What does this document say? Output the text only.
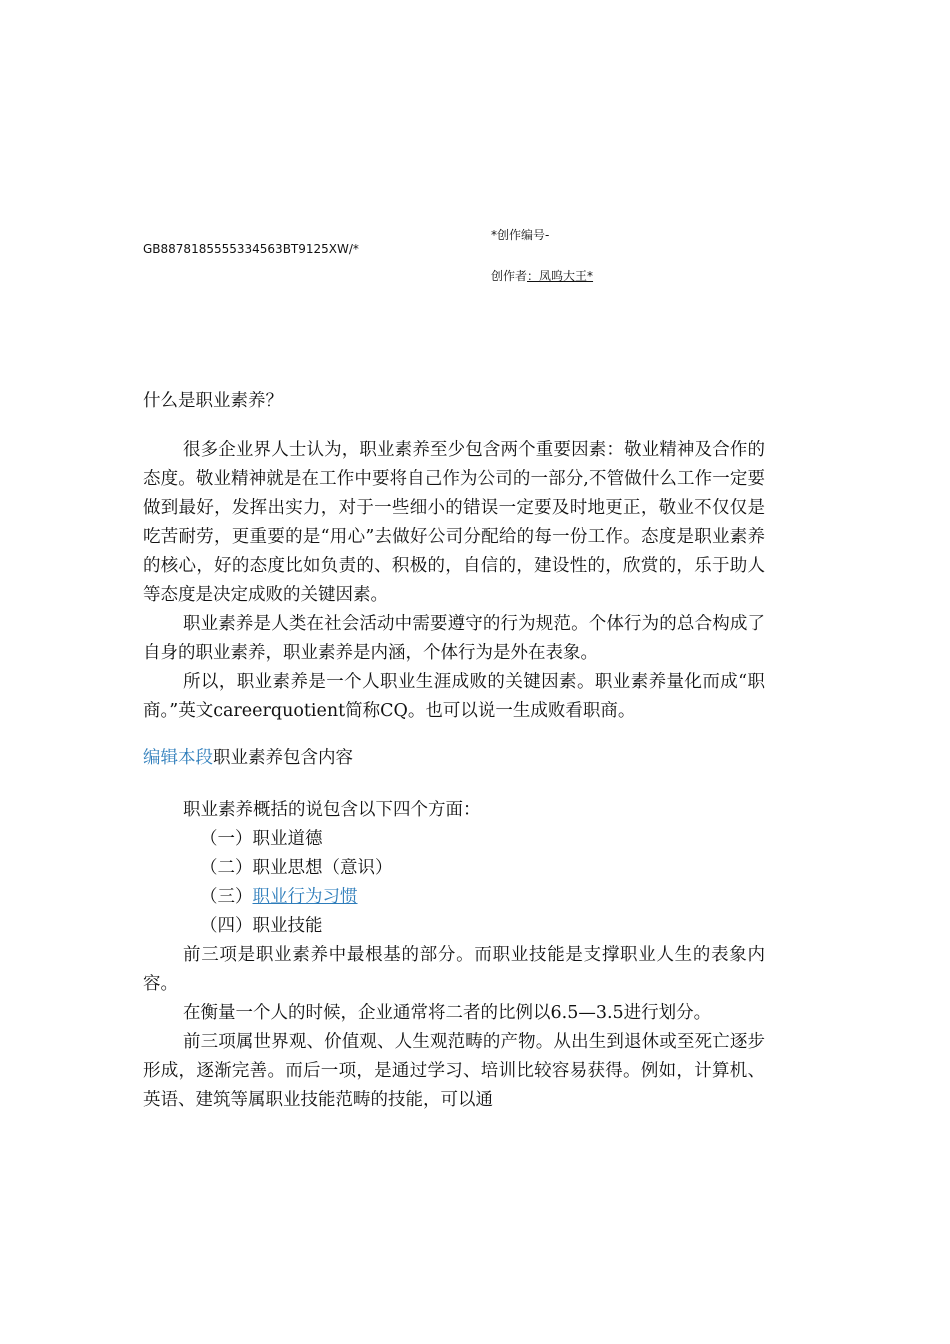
GB8878185555334563BT9125XW/*
*创作编号‐
创作者：凤呜大王*
什么是职业素养？

很多企业界人士认为，职业素养至少包含两个重要因素：敬业精神及合作的态度。敬业精神就是在工作中要将自己作为公司的一部分,不管做什么工作一定要做到最好，发挥出实力，对于一些细小的错误一定要及时地更正，敬业不仅仅是吃苦耐劳，更重要的是“用心”去做好公司分配给的每一份工作。态度是职业素养的核心，好的态度比如负责的、积极的，自信的，建设性的，欣赏的，乐于助人等态度是决定成败的关键因素。

职业素养是人类在社会活动中需要遵守的行为规范。个体行为的总合构成了自身的职业素养，职业素养是内涵，个体行为是外在表象。

所以，职业素养是一个人职业生涯成败的关键因素。职业素养量化而成“职商。”英文careerquotient简称CQ。也可以说一生成败看职商。

编辑本段职业素养包含内容

职业素养概括的说包含以下四个方面：

（一）职业道德

（二）职业思想（意识）

（三）职业行为习惯

（四）职业技能

前三项是职业素养中最根基的部分。而职业技能是支撑职业人生的表象内容。

在衡量一个人的时候，企业通常将二者的比例以6.5—3.5进行划分。

前三项属世界观、价值观、人生观范畴的产物。从出生到退休或至死亡逐步形成，逐渐完善。而后一项，是通过学习、培训比较容易获得。例如，计算机、英语、建筑等属职业技能范畴的技能，可以通
